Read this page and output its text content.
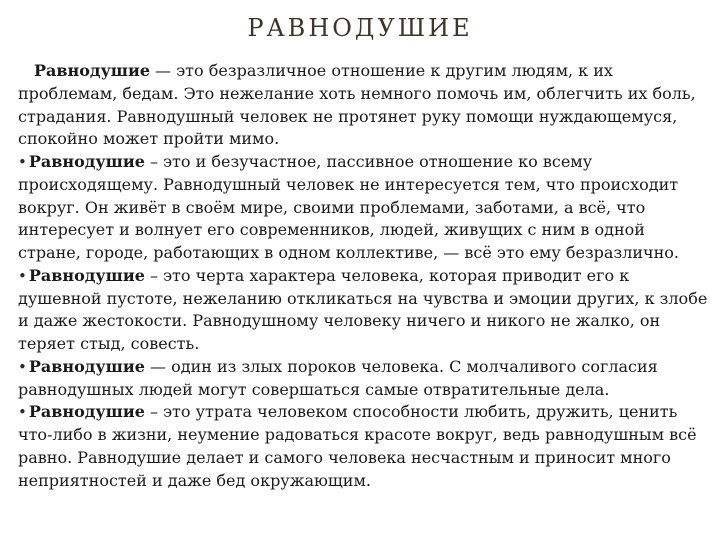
РАВНОДУШИЕ

Равнодушие — это безразличное отношение к другим людям, к их проблемам, бедам. Это нежелание хоть немного помочь им, облегчить их боль, страдания. Равнодушный человек не протянет руку помощи нуждающемуся, спокойно может пройти мимо.

• Равнодушие – это и безучастное, пассивное отношение ко всему происходящему. Равнодушный человек не интересуется тем, что происходит вокруг. Он живёт в своём мире, своими проблемами, заботами, а всё, что интересует и волнует его современников, людей, живущих с ним в одной стране, городе, работающих в одном коллективе, — всё это ему безразлично.

• Равнодушие – это черта характера человека, которая приводит его к душевной пустоте, нежеланию откликаться на чувства и эмоции других, к злобе и даже жестокости. Равнодушному человеку ничего и никого не жалко, он теряет стыд, совесть.

• Равнодушие — один из злых пороков человека. С молчаливого согласия равнодушных людей могут совершаться самые отвратительные дела.

• Равнодушие – это утрата человеком способности любить, дружить, ценить что-либо в жизни, неумение радоваться красоте вокруг, ведь равнодушным всё равно. Равнодушие делает и самого человека несчастным и приносит много неприятностей и даже бед окружающим.
